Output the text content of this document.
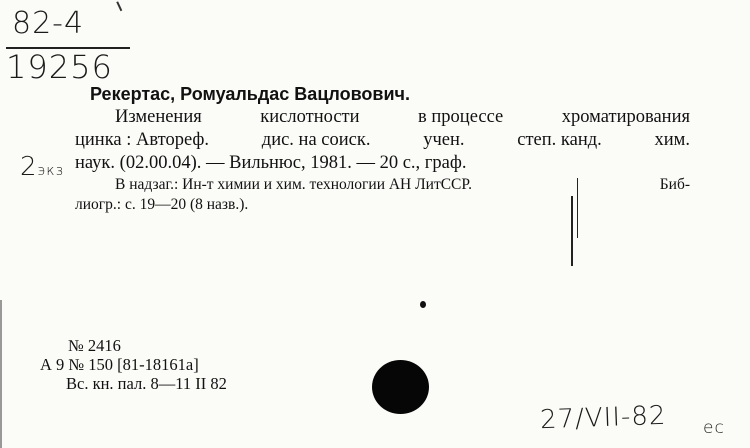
82-4
19256
2экз
Рекертас, Ромуальдас Вацловович.
Изменения	кислотности	в процессе	хроматирования
цинка : Автореф.	дис. на соиск.	учен.	степ. канд.	хим.
наук. (02.00.04).
— Вильнюс, 1981.
— 20 с., граф.
В надзаг.: Ин-т химии и хим. технологии АН ЛитССР.	Биб-
лиогр.: с. 19—20 (8 назв.).
№ 2416
А 9 № 150 [81-18161а]
Вс. кн. пал. 8—11 II 82
27/VII-82 ес
